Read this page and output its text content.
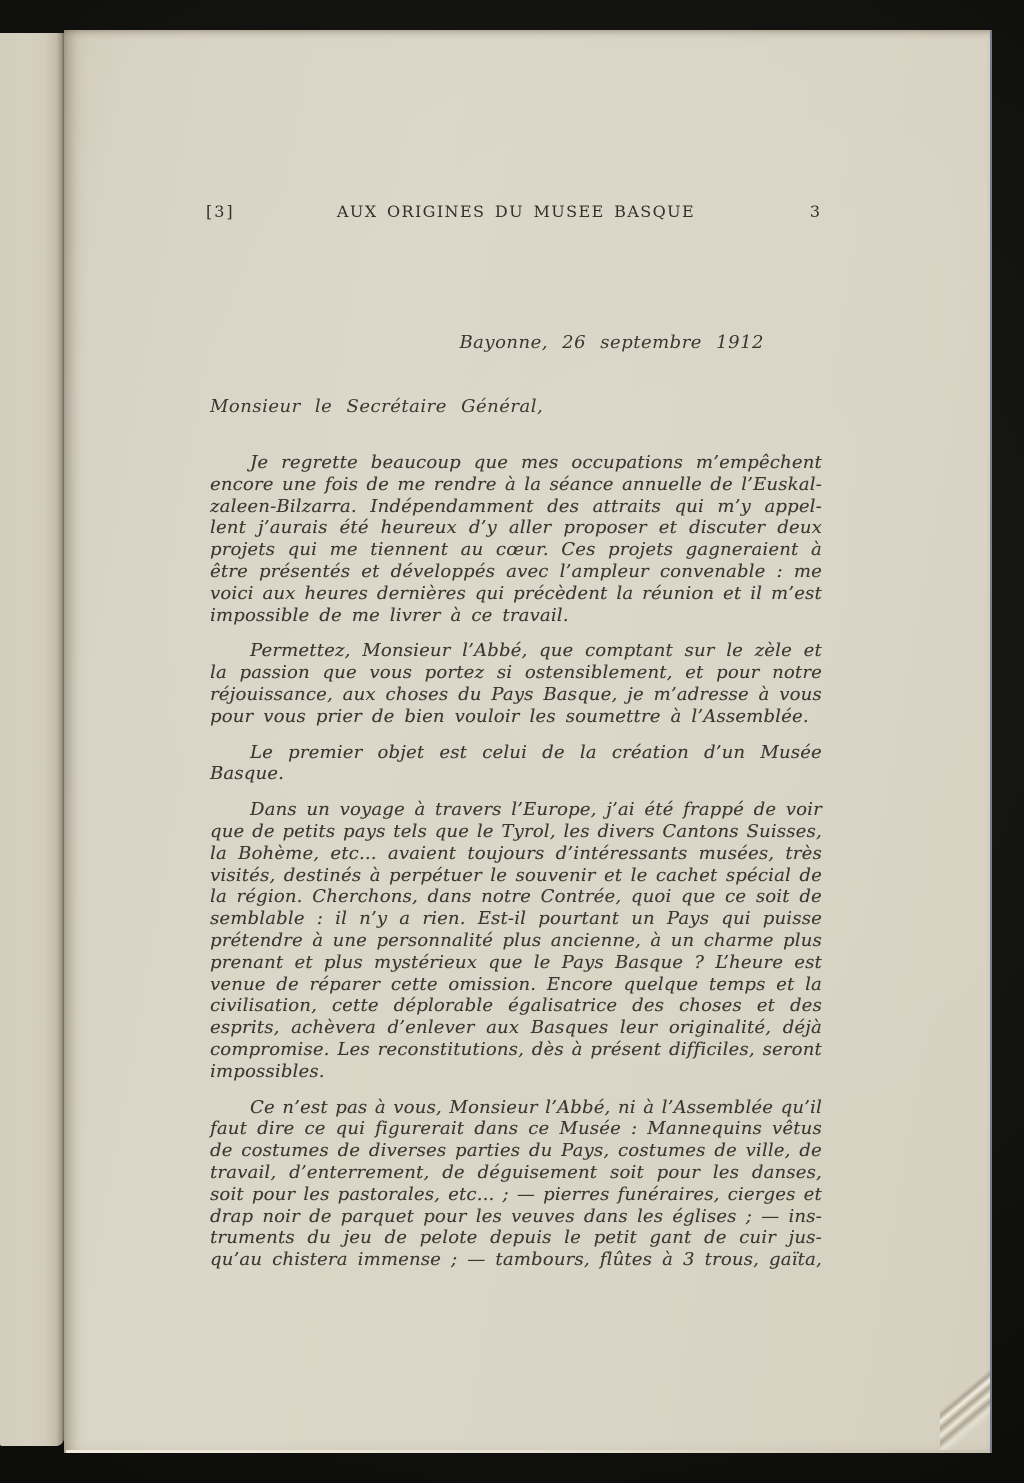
[3]	AUX ORIGINES DU MUSEE BASQUE	3
Bayonne, 26 septembre 1912
Monsieur le Secrétaire Général,
Je regrette beaucoup que mes occupations m’empêchent
encore une fois de me rendre à la séance annuelle de l’Euskal-
zaleen-Bilzarra. Indépendamment des attraits qui m’y appel-
lent j’aurais été heureux d’y aller proposer et discuter deux
projets qui me tiennent au cœur. Ces projets gagneraient à
être présentés et développés avec l’ampleur convenable : me
voici aux heures dernières qui précèdent la réunion et il m’est
impossible de me livrer à ce travail.
Permettez, Monsieur l’Abbé, que comptant sur le zèle et
la passion que vous portez si ostensiblement, et pour notre
réjouissance, aux choses du Pays Basque, je m’adresse à vous
pour vous prier de bien vouloir les soumettre à l’Assemblée.
Le premier objet est celui de la création d’un Musée
Basque.
Dans un voyage à travers l’Europe, j’ai été frappé de voir
que de petits pays tels que le Tyrol, les divers Cantons Suisses,
la Bohème, etc... avaient toujours d’intéressants musées, très
visités, destinés à perpétuer le souvenir et le cachet spécial de
la région. Cherchons, dans notre Contrée, quoi que ce soit de
semblable : il n’y a rien. Est-il pourtant un Pays qui puisse
prétendre à une personnalité plus ancienne, à un charme plus
prenant et plus mystérieux que le Pays Basque ? L’heure est
venue de réparer cette omission. Encore quelque temps et la
civilisation, cette déplorable égalisatrice des choses et des
esprits, achèvera d’enlever aux Basques leur originalité, déjà
compromise. Les reconstitutions, dès à présent difficiles, seront
impossibles.
Ce n’est pas à vous, Monsieur l’Abbé, ni à l’Assemblée qu’il
faut dire ce qui figurerait dans ce Musée : Mannequins vêtus
de costumes de diverses parties du Pays, costumes de ville, de
travail, d’enterrement, de déguisement soit pour les danses,
soit pour les pastorales, etc... ; — pierres funéraires, cierges et
drap noir de parquet pour les veuves dans les églises ; — ins-
truments du jeu de pelote depuis le petit gant de cuir jus-
qu’au chistera immense ; — tambours, flûtes à 3 trous, gaïta,
